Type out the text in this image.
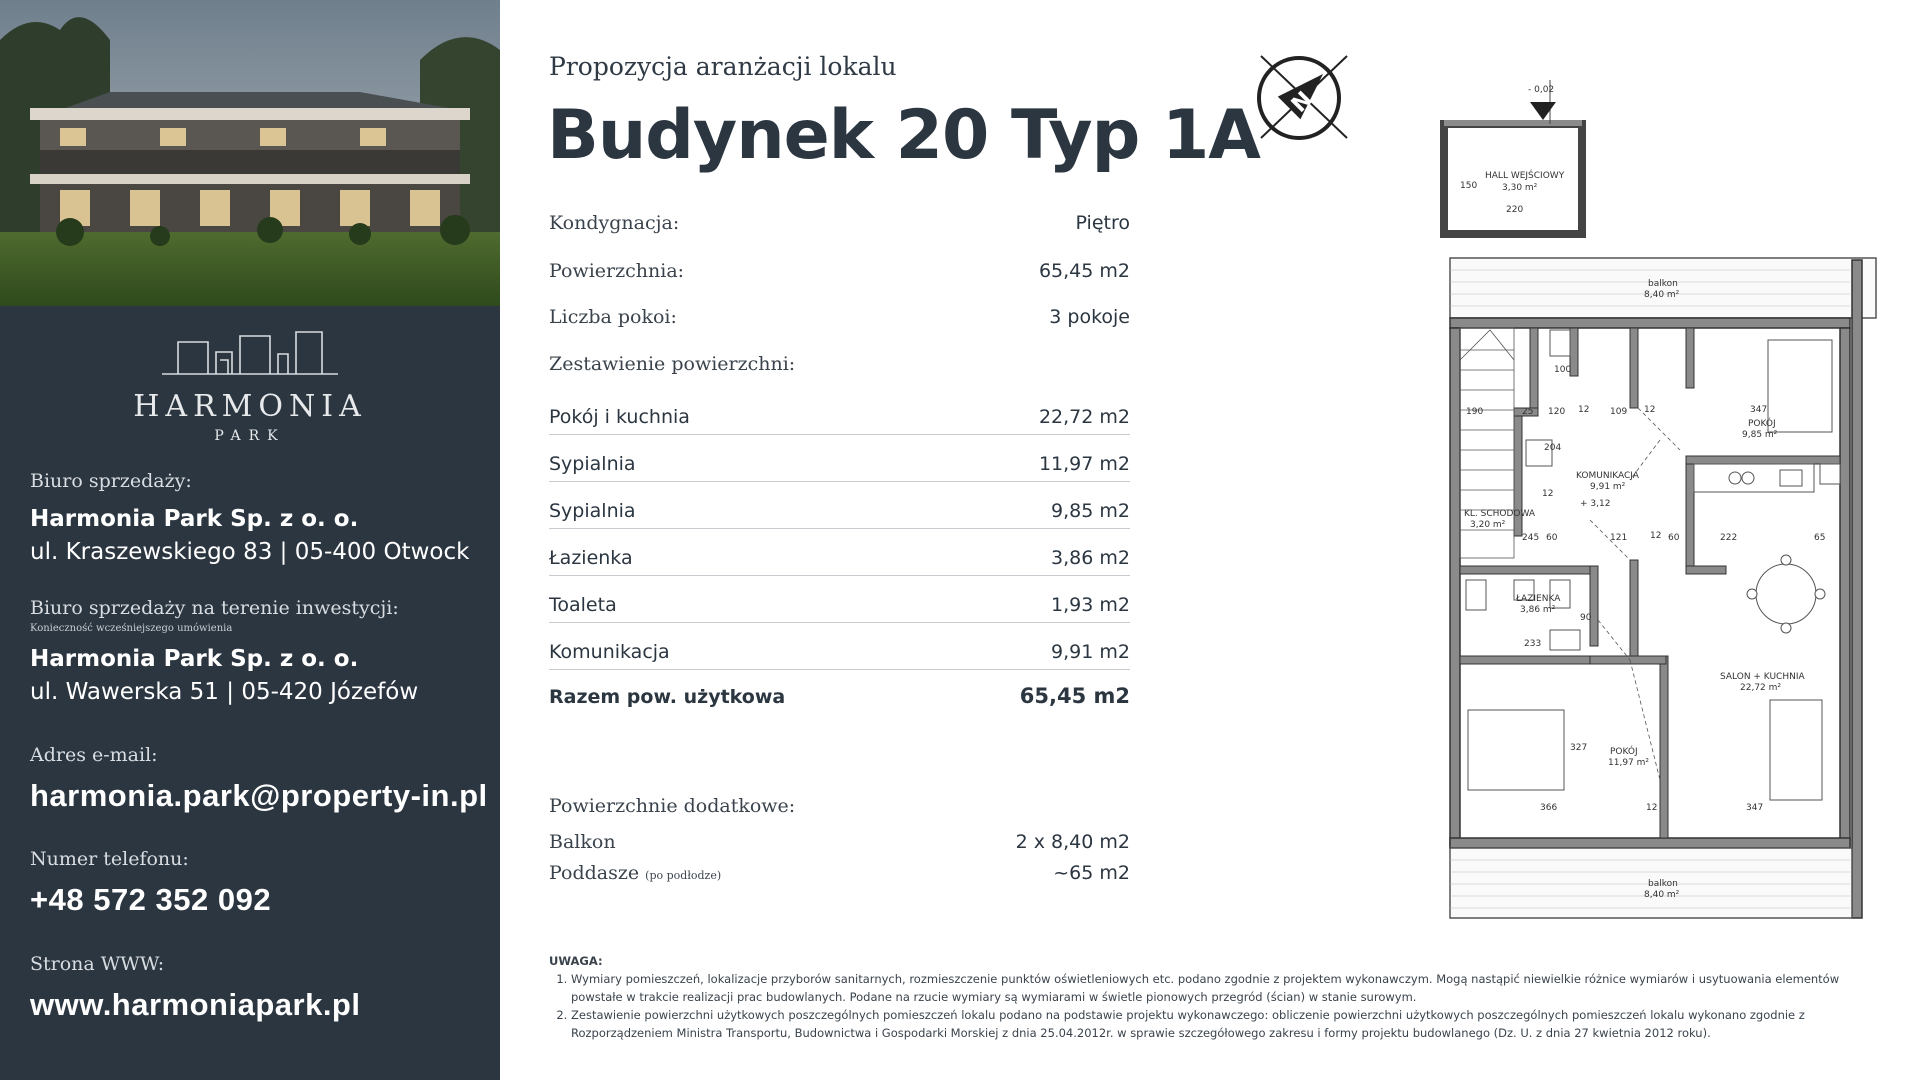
HARMONIA
PARK
Biuro sprzedaży:
Harmonia Park Sp. z o. o.
ul. Kraszewskiego 83 | 05-400 Otwock
Biuro sprzedaży na terenie inwestycji:
Konieczność wcześniejszego umówienia
Harmonia Park Sp. z o. o.
ul. Wawerska 51 | 05-420 Józefów
Adres e-mail:
harmonia.park@property-in.pl
Numer telefonu:
+48 572 352 092
Strona WWW:
www.harmoniapark.pl
Propozycja aranżacji lokalu
Budynek 20 Typ 1A N
Kondygnacja:	Piętro
Powierzchnia:	65,45 m2
Liczba pokoi:	3 pokoje
Zestawienie powierzchni:
Pokój i kuchnia	22,72 m2
Sypialnia	11,97 m2
Sypialnia	9,85 m2
Łazienka	3,86 m2
Toaleta	1,93 m2
Komunikacja	9,91 m2
Razem pow. użytkowa	65,45 m2
Powierzchnie dodatkowe:
Balkon	2 x 8,40 m2
Poddasze (po podłodze)	~65 m2
UWAGA:
1. Wymiary pomieszczeń, lokalizacje przyborów sanitarnych, rozmieszczenie punktów oświetleniowych etc. podano zgodnie z projektem wykonawczym. Mogą nastąpić niewielkie różnice wymiarów i usytuowania elementów powstałe w trakcie realizacji prac budowlanych. Podane na rzucie wymiary są wymiarami w świetle pionowych przegród (ścian) w stanie surowym.
2. Zestawienie powierzchni użytkowych poszczególnych pomieszczeń lokalu podano na podstawie projektu wykonawczego: obliczenie powierzchni użytkowych poszczególnych pomieszczeń lokalu wykonano zgodnie z Rozporządzeniem Ministra Transportu, Budownictwa i Gospodarki Morskiej z dnia 25.04.2012r. w sprawie szczegółowego zakresu i formy projektu budowlanego (Dz. U. z dnia 27 kwietnia 2012 roku).
- 0,02
HALL WEJŚCIOWY
3,30 m²
220
150
balkon
8,40 m²
balkon
8,40 m²
POKÓJ
9,85 m²
347
KOMUNIKACJA
9,91 m²
+ 3,12
KL. SCHODOWA
3,20 m²
ŁAZIENKA
3,86 m²
SALON + KUCHNIA
22,72 m²
POKÓJ
11,97 m²
100
190	25 120 12 109 12
204
12
245 60	121	12 60	222	65
233
90
366	12	347
327
